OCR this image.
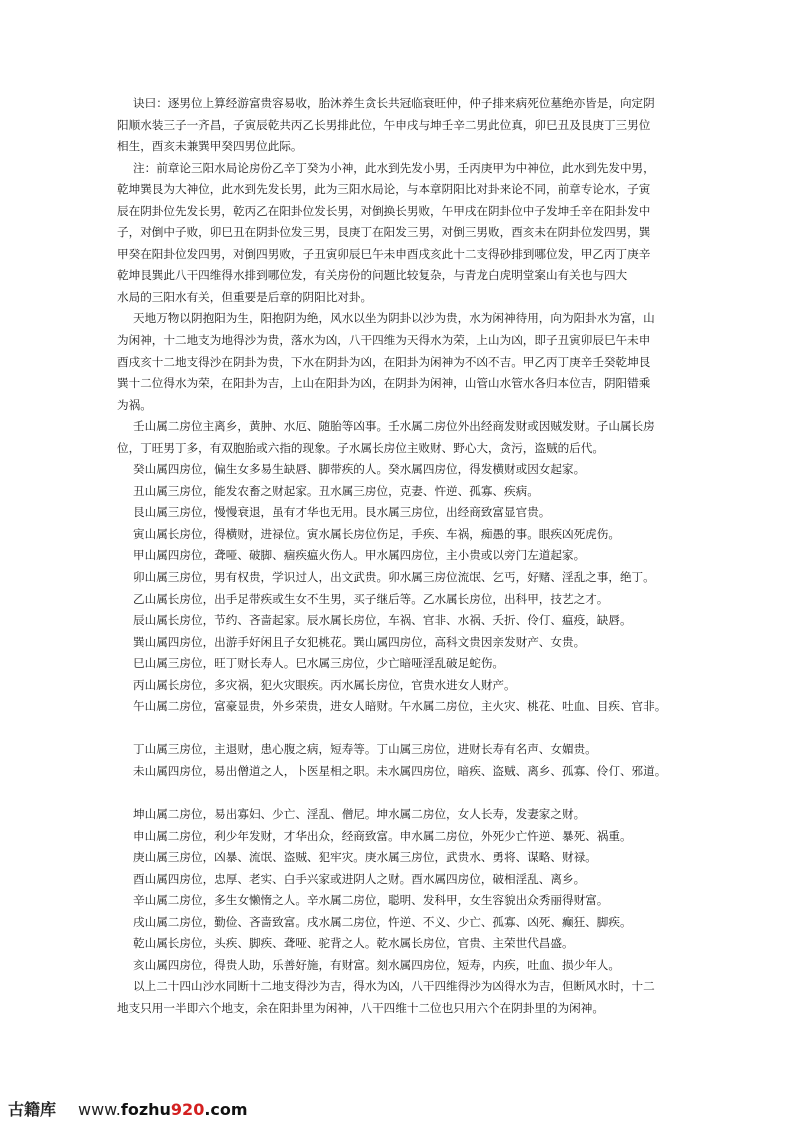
诀曰：逐男位上算经游富贵容易收，胎沐养生贪长共冠临衰旺仲，仲子排来病死位墓绝亦皆是，向定阴
阳顺水装三子一齐昌，子寅辰乾共丙乙长男排此位，午申戌与坤壬辛二男此位真，卯巳丑及艮庚丁三男位
相生，酉亥未兼巽甲癸四男位此际。
注：前章论三阳水局论房份乙辛丁癸为小神，此水到先发小男，壬丙庚甲为中神位，此水到先发中男，
乾坤巽艮为大神位，此水到先发长男，此为三阳水局论，与本章阴阳比对卦来论不同，前章专论水，子寅
辰在阴卦位先发长男，乾丙乙在阳卦位发长男，对倒换长男败，午甲戌在阴卦位中子发坤壬辛在阳卦发中
子，对倒中子败，卯巳丑在阴卦位发三男，艮庚丁在阳发三男，对倒三男败，酉亥未在阴卦位发四男，巽
甲癸在阳卦位发四男，对倒四男败，子丑寅卯辰巳午未申酉戌亥此十二支得砂排到哪位发，甲乙丙丁庚辛
乾坤艮巽此八干四维得水排到哪位发，有关房份的问题比较复杂，与青龙白虎明堂案山有关也与四大
水局的三阳水有关，但重要是后章的阴阳比对卦。
天地万物以阴抱阳为生，阳抱阴为绝，风水以坐为阴卦以沙为贵，水为闲神待用，向为阳卦水为富，山
为闲神，十二地支为地得沙为贵，落水为凶，八干四维为天得水为荣，上山为凶，即子丑寅卯辰巳午未申
酉戌亥十二地支得沙在阴卦为贵，下水在阴卦为凶，在阳卦为闲神为不凶不吉。甲乙丙丁庚辛壬癸乾坤艮
巽十二位得水为荣，在阳卦为吉，上山在阳卦为凶，在阴卦为闲神，山管山水管水各归本位吉，阴阳错乘
为祸。
壬山属二房位主离乡，黄肿、水厄、随胎等凶事。壬水属二房位外出经商发财或因贼发财。子山属长房
位，丁旺男丁多，有双胞胎或六指的现象。子水属长房位主败财、野心大，贪污，盗贼的后代。
癸山属四房位，偏生女多易生缺唇、脚带疾的人。癸水属四房位，得发横财或因女起家。
丑山属三房位，能发农畜之财起家。丑水属三房位，克妻、忤逆、孤寡、疾病。
艮山属三房位，慢慢衰退，虽有才华也无用。艮水属三房位，出经商致富显官贵。
寅山属长房位，得横财，进禄位。寅水属长房位伤足，手疾、车祸，痴愚的事。眼疾凶死虎伤。
甲山属四房位，聋哑、破脚、痼疾瘟火伤人。甲水属四房位，主小贵或以旁门左道起家。
卯山属三房位，男有权贵，学识过人，出文武贵。卯水属三房位流氓、乞丐，好赌、淫乱之事，绝丁。
乙山属长房位，出手足带疾或生女不生男，买子继后等。乙水属长房位，出科甲，技艺之才。
辰山属长房位，节约、吝啬起家。辰水属长房位，车祸、官非、水祸、夭折、伶仃、瘟疫，缺唇。
巽山属四房位，出游手好闲且子女犯桃花。巽山属四房位，高科文贵因亲发财产、女贵。
巳山属三房位，旺丁财长寿人。巳水属三房位，少亡暗哑淫乱破足蛇伤。
丙山属长房位，多灾祸，犯火灾眼疾。丙水属长房位，官贵水进女人财产。
午山属二房位，富豪显贵，外乡荣贵，进女人暗财。午水属二房位，主火灾、桃花、吐血、目疾、官非。
丁山属三房位，主退财，患心腹之病，短寿等。丁山属三房位，进财长寿有名声、女媚贵。
未山属四房位，易出僧道之人，卜医星相之职。未水属四房位，暗疾、盗贼、离乡、孤寡、伶仃、邪道。
坤山属二房位，易出寡妇、少亡、淫乱、僧尼。坤水属二房位，女人长寿，发妻家之财。
申山属二房位，利少年发财，才华出众，经商致富。申水属二房位，外死少亡忤逆、暴死、祸重。
庚山属三房位，凶暴、流氓、盗贼、犯牢灾。庚水属三房位，武贵水、勇将、谋略、财禄。
酉山属四房位，忠厚、老实、白手兴家或进阴人之财。酉水属四房位，破相淫乱、离乡。
辛山属二房位，多生女懒惰之人。辛水属二房位，聪明、发科甲，女生容貌出众秀丽得财富。
戌山属二房位，勤俭、吝啬致富。戌水属二房位，忤逆、不义、少亡、孤寡、凶死、癫狂、脚疾。
乾山属长房位，头疾、脚疾、聋哑、驼背之人。乾水属长房位，官贵、主荣世代昌盛。
亥山属四房位，得贵人助，乐善好施，有财富。刻水属四房位，短寿，内疾，吐血、损少年人。
以上二十四山沙水同断十二地支得沙为吉，得水为凶，八干四维得沙为凶得水为吉，但断风水时，十二
地支只用一半即六个地支，余在阳卦里为闲神，八干四维十二位也只用六个在阴卦里的为闲神。
古籍库 www.fozhu920.com
